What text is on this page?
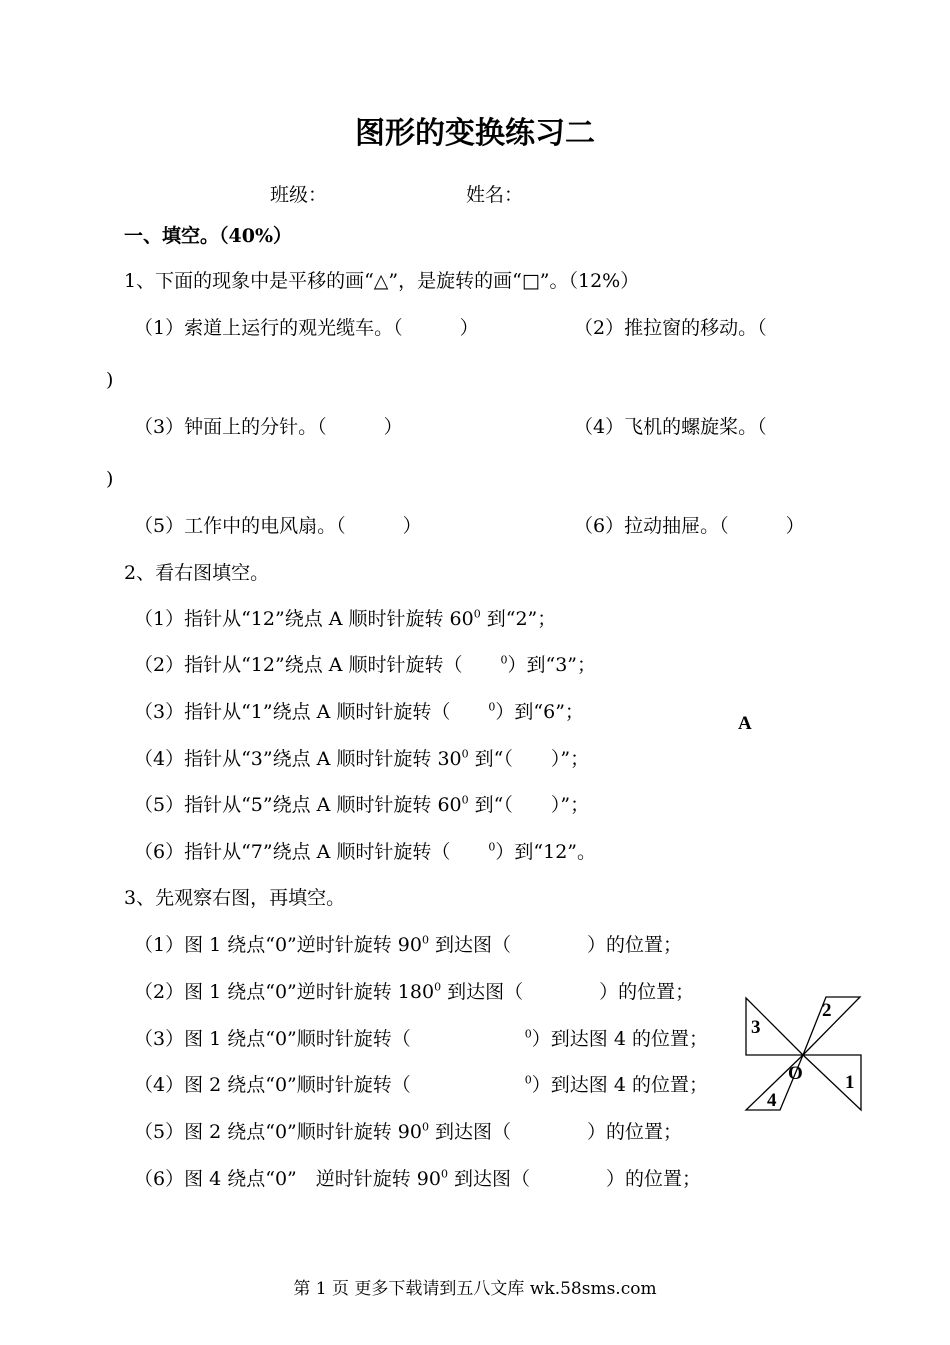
图形的变换练习二
班级：	姓名：
一、填空。（40%）
1、下面的现象中是平移的画“△”，是旋转的画“□”。（12%）
（1）索道上运行的观光缆车。（　　　）	（2）推拉窗的移动。（
)
（3）钟面上的分针。（　　　）	（4）飞机的螺旋桨。（
)
（5）工作中的电风扇。（　　　）	（6）拉动抽屉。（　　　）
2、看右图填空。
（1）指针从“12”绕点 A 顺时针旋转 $60^0$ 到“2”；
（2）指针从“12”绕点 A 顺时针旋转（　　$^0$）到“3”；
（3）指针从“1”绕点 A 顺时针旋转（　　$^0$）到“6”；
（4）指针从“3”绕点 A 顺时针旋转 $30^0$ 到“（　　）”；
（5）指针从“5”绕点 A 顺时针旋转 $60^0$ 到“（　　）”；
（6）指针从“7”绕点 A 顺时针旋转（　　$^0$）到“12”。
A
3、先观察右图，再填空。
（1）图 1 绕点“0”逆时针旋转 $90^0$ 到达图（　　　　）的位置；
（2）图 1 绕点“0”逆时针旋转 $180^0$ 到达图（　　　　）的位置；
（3）图 1 绕点“0”顺时针旋转（　　　　　　$^0$）到达图 4 的位置；
（4）图 2 绕点“0”顺时针旋转（　　　　　　$^0$）到达图 4 的位置；
（5）图 2 绕点“0”顺时针旋转 $90^0$ 到达图（　　　　）的位置；
（6）图 4 绕点“0”　逆时针旋转 $90^0$ 到达图（　　　　）的位置；
2
3
O 1
4
第 1 页 更多下载请到五八文库 wk.58sms.com
